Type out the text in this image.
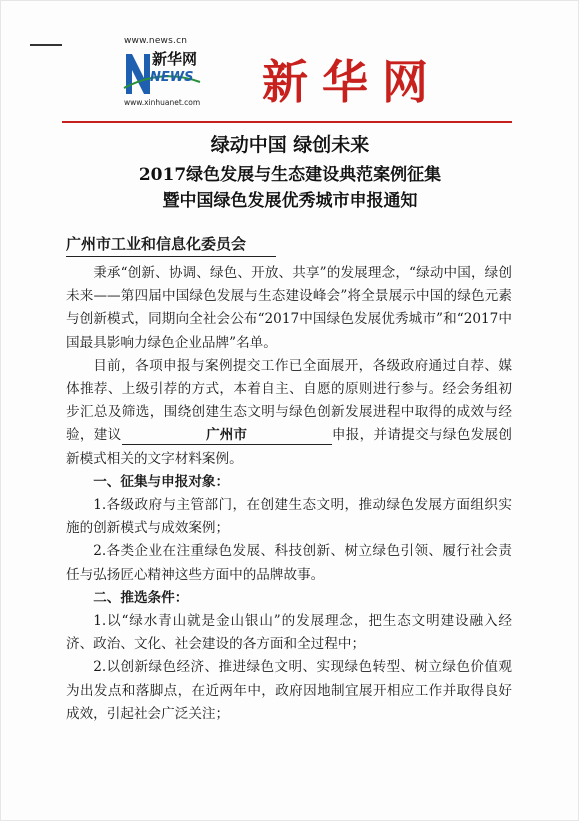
www.news.cn
新华网
NEWS
www.xinhuanet.com 新华网
绿动中国 绿创未来
2017绿色发展与生态建设典范案例征集
暨中国绿色发展优秀城市申报通知
广州市工业和信息化委员会

秉承“创新、协调、绿色、开放、共享”的发展理念，“绿动中国，绿创未来——第四届中国绿色发展与生态建设峰会”将全景展示中国的绿色元素与创新模式，同期向全社会公布“2017中国绿色发展优秀城市”和“2017中国最具影响力绿色企业品牌”名单。

目前，各项申报与案例提交工作已全面展开，各级政府通过自荐、媒体推荐、上级引荐的方式，本着自主、自愿的原则进行参与。经会务组初步汇总及筛选，围绕创建生态文明与绿色创新发展进程中取得的成效与经验，建议	广州市	申报，并请提交与绿色发展创新模式相关的文字材料案例。

一、征集与申报对象：

1.各级政府与主管部门，在创建生态文明，推动绿色发展方面组织实施的创新模式与成效案例；

2.各类企业在注重绿色发展、科技创新、树立绿色引领、履行社会责任与弘扬匠心精神这些方面中的品牌故事。

二、推选条件：

1.以“绿水青山就是金山银山”的发展理念，把生态文明建设融入经济、政治、文化、社会建设的各方面和全过程中；

2.以创新绿色经济、推进绿色文明、实现绿色转型、树立绿色价值观为出发点和落脚点，在近两年中，政府因地制宜展开相应工作并取得良好成效，引起社会广泛关注；
